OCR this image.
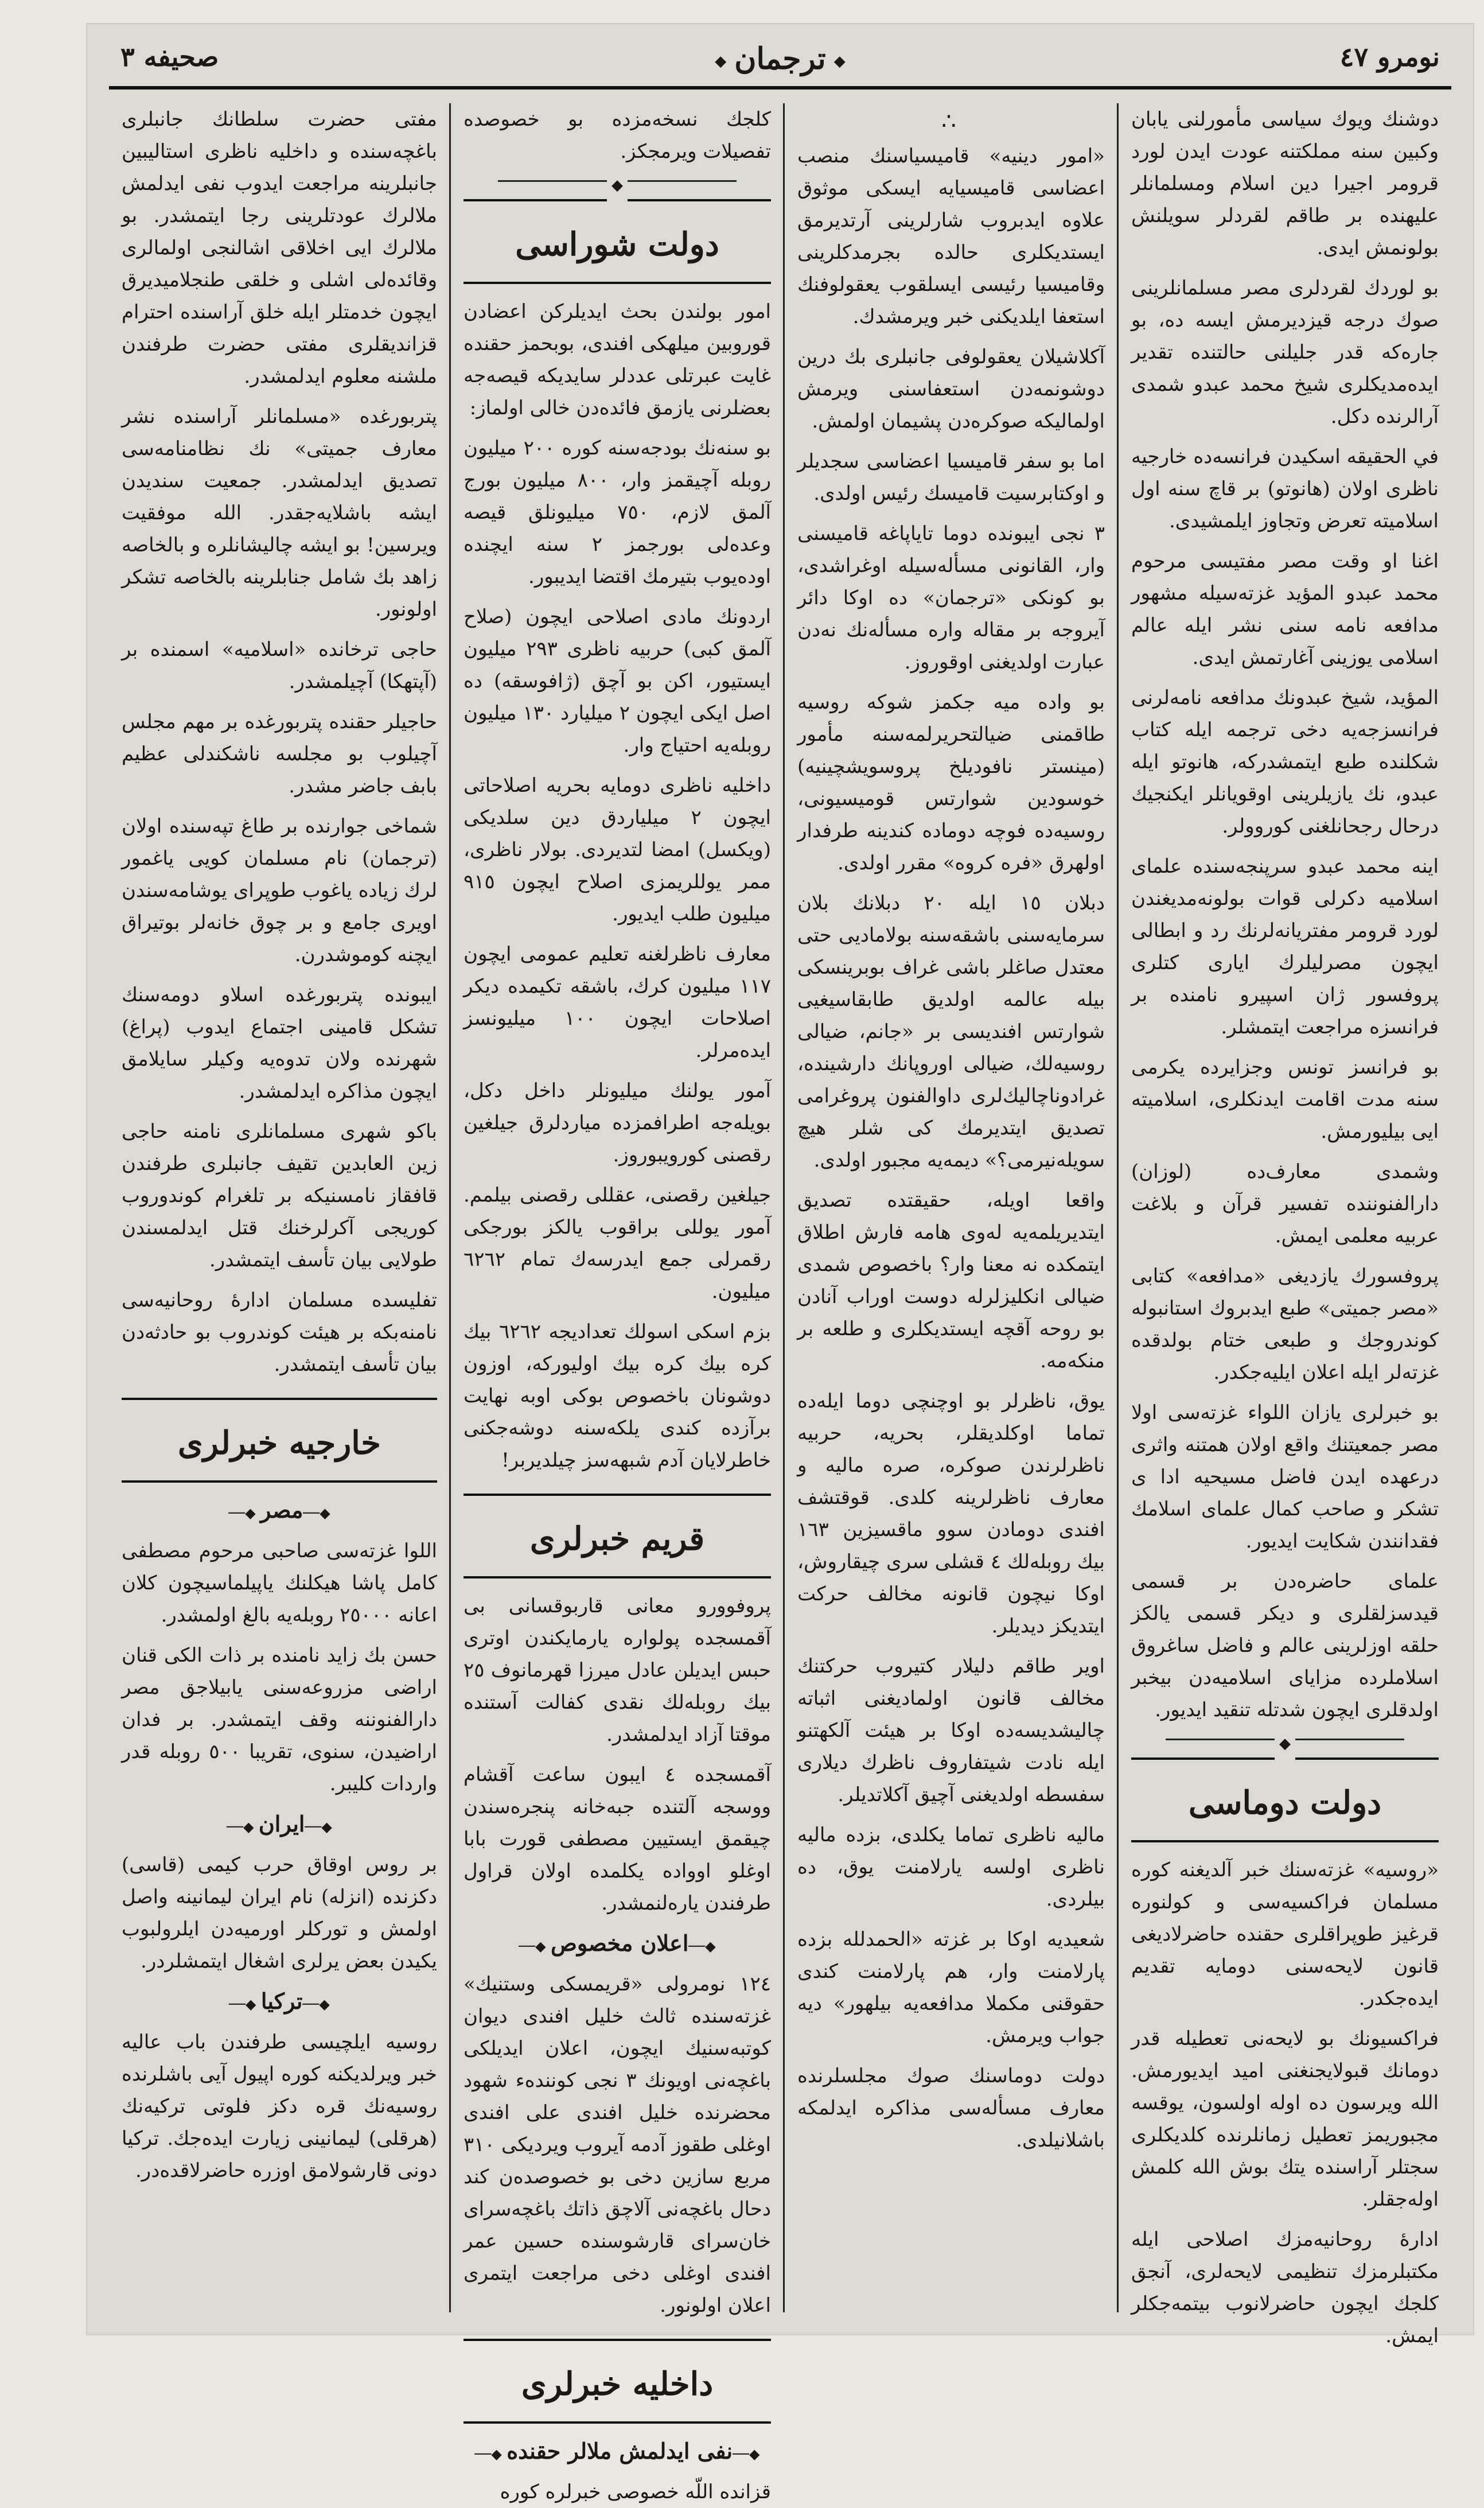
صحيفه ٣
◆	ترجمان ◆	نومرو ٤٧

دوشنك ويوك سياسى مأمورلنى يابان وكبين سنه مملكتنه عودت ايدن لورد قرومر اجيرا دين اسلام ومسلمانلر عليهنده بر طاقم لقردلر سويلنش بولونمش ايدى.

بو لوردك لقردلرى مصر مسلمانلرينى صوك درجه قيزديرمش ايسه ده، بو جاره‌كه قدر جليلنى حالتنده تقدير ايده‌مديكلرى شيخ محمد عبدو شمدى آرالرنده دكل.

في الحقيقه اسكيدن فرانسه‌ده خارجيه ناظرى اولان (هانوتو) بر قاچ سنه اول اسلاميته تعرض وتجاوز ايلمشيدى.

اغنا او وقت مصر مفتيسى مرحوم محمد عبدو المؤيد غزته‌سيله مشهور مدافعه نامه سنى نشر ايله عالم اسلامى يوزينى آغارتمش ايدى.

المؤيد، شيخ عبدونك مدافعه نامه‌لرنى فرانسزجه‌يه دخى ترجمه ايله كتاب شكلنده طبع ايتمشدركه، هانوتو ايله عبدو، نك يازيلرينى اوقويانلر ايكنجيك درحال رجحانلغنى كوروولر.

اينه محمد عبدو سرپنجه‌سنده علماى اسلاميه دكرلى قوات بولونه‌مديغندن لورد قرومر مفتريانه‌لرنك رد و ابطالى ايچون مصرليلرك ايارى كتلرى پروفسور ژان اسپيرو نامنده بر فرانسزه مراجعت ايتمشلر.

بو فرانسز تونس وجزايرده يكرمى سنه مدت اقامت ايدنكلرى، اسلاميته ايى بيليورمش.

وشمدى معارف‌ده (لوزان) دارالفنوننده تفسير قرآن و بلاغت عربيه معلمى ايمش.

پروفسورك يازديغى «مدافعه» كتابى «مصر جميتى» طبع ايدبروك استانبوله كوندروجك و طبعى ختام بولدقده غزته‌لر ايله اعلان ايليه‌جكدر.

بو خبرلرى يازان اللواء غزته‌سى اولا مصر جمعيتنك واقع اولان همتنه واثرى درعهده ايدن فاضل مسيحيه ادا ى تشكر و صاحب كمال علماى اسلامك فقدانندن شكايت ايديور.

علماى حاضره‌دن بر قسمى قيدسزلقلرى و ديكر قسمى يالكز حلقه اوزلرينى عالم و فاضل ساغروق اسلاملرده مزاياى اسلاميه‌دن بيخبر اولدقلرى ايچون شدتله تنقيد ايديور.

◆
دولت دوماسى

«روسيه» غزته‌سنك خبر آلديغنه كوره مسلمان فراكسيه‌سى و كولنوره قرغيز طوپراقلرى حقنده حاضرلاديغى قانون لايحه‌سنى دومايه تقديم ايده‌جكدر.

فراكسيونك بو لايحه‌نى تعطيله قدر دومانك قبولايجنغنى اميد ايديورمش. الله ويرسون ده اوله اولسون، يوقسه مجبوريمز تعطيل زمانلرنده كلديكلرى سجتلر آراسنده يتك بوش الله كلمش اوله‌جقلر.

ادارهٔ روحانيه‌مزك اصلاحى ايله مكتبلرمزك تنظيمى لايحه‌لرى، آنجق كلجك ايچون حاضرلانوب بيتمه‌جكلر ايمش.

∴

«امور دينيه» قاميسياسنك منصب اعضاسى قاميسيايه ايسكى موثوق علاوه ايدبروب شارلرينى آرتديرمق ايستديكلرى حالده بجرمدكلرينى وقاميسيا رئيسى ايسلقوب يعقولوفنك استعفا ايلديكنى خبر ويرمشدك.

آكلاشيلان يعقولوفى جانبلرى بك درين دوشونمه‌دن استعفاسنى ويرمش اولماليكه صوكره‌دن پشيمان اولمش.

اما بو سفر قاميسيا اعضاسى سجديلر و اوكتابرسيت قاميسك رئيس اولدى.

٣ نجى ايبونده دوما تاياپاغه قاميسنى وار، القانونى مسأله‌سيله اوغراشدى، بو كونكى «ترجمان» ده اوكا دائر آيروجه بر مقاله واره مسأله‌نك نه‌دن عبارت اولديغنى اوقوروز.

بو واده ميه جكمز شوكه روسيه طاقمنى ضيالتحريرلمه‌سنه مأمور (مينستر نافوديلخ پروسويشچينيه) خوسودين شوارتس قوميسيونى، روسيه‌ده فوچه دوماده كندينه طرفدار اولهرق «فره كروه» مقرر اولدى.

دبلان ١٥ ايله ٢٠ دبلانك بلان سرمايه‌سنى باشقه‌سنه بولاماديى حتى معتدل صاغلر باشى غراف بوبرينسكى بيله عالمه اولديق طابقاسيغيى شوارتس افنديسى بر «جانم، ضيالى روسيه‌لك، ضيالى اوروپانك دارشينده، غرادوناچاليك‌لرى داوالفنون پروغرامى تصديق ايتديرمك كى شلر هيچ سويله‌نيرمى؟» ديمه‌يه مجبور اولدى.

واقعا اويله، حقيقتده تصديق ايتديريلمه‌يه له‌وى هامه فارش اطلاق ايتمكده نه معنا وار؟ باخصوص شمدى ضيالى انكليزلرله دوست اوراب آنادن بو روحه آقچه ايستديكلرى و طلعه بر منكه‌مه.

يوق، ناظرلر بو اوچنچى دوما ايله‌ده تماما اوكلديقلر، بحريه، حربيه ناظرلرندن صوكره، صره ماليه و معارف ناظرلرينه كلدى. قوقتشف افندى دومادن سوو ماقسيزين ١٦٣ بيك روبلەلك ٤ قشلى سرى چيقاروش، اوكا نيچون قانونه مخالف حركت ايتديكز ديديلر.

اوير طاقم دليلار كتيروب حركتنك مخالف قانون اولماديغنى اثباته چاليشديسه‌ده اوكا بر هيئت آلكهتنو ايله نادت شيتفاروف ناظرك ديلارى سفسطه اولديغنى آچيق آكلاتديلر.

ماليه ناظرى تماما يكلدى، بزده ماليه ناظرى اولسه يارلامنت يوق، ده بيلردى.

شعيديه اوكا بر غزته «الحمدلله بزده پارلامنت وار، هم پارلامنت كندى حقوقنى مكملا مدافعه‌يه بيلهور» ديه جواب ويرمش.

دولت دوماسنك صوك مجلسلرنده معارف مسأله‌سى مذاكره ايدلمكه باشلانيلدى.

كلجك نسخه‌مزده بو خصوصده تفصيلات ويرمجكز.

◆
دولت شوراسى

امور بولندن بحث ايديلركن اعضادن قوروبين ميلهكى افندى، بوبحمز حقنده غايت عبرتلى عددلر سايديكه قيصه‌جه بعضلرنى يازمق فائده‌دن خالى اولماز:

بو سنه‌نك بودجه‌سنه كوره ٢٠٠ ميليون روبله آچيقمز وار، ٨٠٠ ميليون بورج آلمق لازم، ٧٥٠ ميليونلق قيصه وعده‌لى بورجمز ٢ سنه ايچنده اوده‌يوب بتيرمك اقتضا ايديبور.

اردونك مادى اصلاحى ايچون (صلاح آلمق كبى) حربيه ناظرى ٢٩٣ ميليون ايستيور، اكن بو آچق (ژافوسقه) ده اصل ايكى ايچون ٢ ميليارد ١٣٠ ميليون روبله‌يه احتياج وار.

داخليه ناظرى دومايه بحريه اصلاحاتى ايچون ٢ ميلياردق دين سلديكى (ويكسل) امضا لتديردى. بولار ناظرى، ممر يوللريمزى اصلاح ايچون ٩١٥ ميليون طلب ايديور.

معارف ناظرلغنه تعليم عمومى ايچون ١١٧ ميليون كرك، باشقه تكيمده ديكر اصلاحات ايچون ١٠٠ ميليونسز ايده‌مرلر.

آمور يولنك ميليونلر داخل دكل، بويله‌جه اطرافمزده مياردلرق جيلغين رقصنى كورويبوروز.

جيلغين رقصنى، عقللى رقصنى بيلمم. آمور يوللى براقوب يالكز بورجكى رقمرلى جمع ايدرسه‌ك تمام ٦٢٦٢ ميليون.

بزم اسكى اسولك تعداديجه ٦٢٦٢ بيك كره بيك كره بيك اوليورکه، اوزون دوشونان باخصوص بوكى اوبه نهايت برآزده كندى يلكه‌سنه دوشه‌جكنى خاطرلايان آدم شبهه‌سز چيلديربر!

قريم خبرلرى

پروفوورو معانى قاربوقسانى بى آقمسجده پولواره يارمايكندن اوترى حبس ايديلن عادل ميرزا قهرمانوف ٢٥ بيك روبله‌لك نقدى كفالت آستنده موقتا آزاد ايدلمشدر.

آقمسجده ٤ ايبون ساعت آقشام ووسجه آلتنده جبه‌خانه پنجره‌سندن چيقمق ايستيين مصطفى قورت بابا اوغلو اوواده يكلمده اولان قراول طرفندن ياره‌لنمشدر.

◆── اعلان مخصوص ◆──

١٢٤ نومرولى «قريمسكى وستنيك» غزته‌سنده ثالث خليل افندى ديوان كوتبه‌سنيك ايچون، اعلان ايديلكى باغچه‌نى اويونك ٣ نجى كونندهء شهود محضرنده خليل افندى على افندى اوغلى طقوز آدمه آيروب ويرديكى ٣١٠ مربع سازين دخى بو خصوصده‌ن كند دحال باغچه‌نى آلاچق ذاتك باغچه‌سراى خان‌سراى قارشوسنده حسين عمر افندى اوغلى دخى مراجعت ايتمرى اعلان اولونور.

داخليه خبرلرى
◆── نفى ايدلمش ملالر حقنده ◆──

قزانده اللّه خصوصى خبرلره كوره

مفتى حضرت سلطانك جانبلرى باغچه‌سنده و داخليه ناظرى استاليبين جانبلرينه مراجعت ايدوب نفى ايدلمش ملالرك عودتلرينى رجا ايتمشدر. بو ملالرك ايى اخلاقى اشالنجى اولمالرى وقائده‌لى اشلى و خلقى طنجلاميديرق ايچون خدمتلر ايله خلق آراسنده احترام قزانديقلرى مفتى حضرت طرفندن ملشنه معلوم ايدلمشدر.

پتربورغده «مسلمانلر آراسنده نشر معارف جميتى» نك نظامنامه‌سى تصديق ايدلمشدر. جمعيت سنديدن ايشه باشلايه‌جقدر. الله موفقيت ويرسين! بو ايشه چاليشانلره و بالخاصه زاهد بك شامل جنابلرينه بالخاصه تشكر اولونور.

حاجى ترخانده «اسلاميه» اسمنده بر (آپتهكا) آچيلمشدر.

حاجيلر حقنده پتربورغده بر مهم مجلس آچيلوب بو مجلسه ناشكندلى عظيم بابف جاضر مشدر.

شماخى جوارنده بر طاغ تپه‌سنده اولان (ترجمان) نام مسلمان كويى ياغمور لرك زياده ياغوب طوپراى يوشامه‌سندن اويرى جامع و بر چوق خانه‌لر بوتيراق ايچنه كوموشدرن.

ايبونده پتربورغده اسلاو دومه‌سنك تشكل قامينى اجتماع ايدوب (پراغ) شهرنده ولان تدوه‌يه وكيلر سايلامق ايچون مذاكره ايدلمشدر.

باكو شهرى مسلمانلرى نامنه حاجى زين العابدين تقيف جانبلرى طرفندن قافقاز نامسنيكه بر تلغرام كوندوروب كوريجى آكرلرخنك قتل ايدلمسندن طولايى بيان تأسف ايتمشدر.

تفليسده مسلمان ادارهٔ روحانيه‌سى نامنه‌بكه بر هيئت كوندروب بو حادثه‌دن بيان تأسف ايتمشدر.

خارجيه خبرلرى
◆── مصر ◆──

اللوا غزته‌سى صاحبى مرحوم مصطفى كامل پاشا هيكلنك ياپيلماسيچون كلان اعانه ٢٥٠٠٠ روبله‌يه بالغ اولمشدر.

حسن بك زايد نامنده بر ذات الكى قنان اراضى مزروعه‌سنى يابيلاجق مصر دارالفنوننه وقف ايتمشدر. بر فدان اراضيدن، سنوى، تقريبا ٥٠٠ روبله قدر واردات كليبر.

◆── ايران ◆──

بر روس اوقاق حرب كيمى (قاسى) دكزنده (انزله) نام ايران ليمانينه واصل اولمش و توركلر اورميه‌دن ايلرولبوب يكيدن بعض يرلرى اشغال ايتمشلردر.

◆── تركيا ◆──

روسيه ايلچيسى طرفندن باب عاليه خبر ويرلديكنه كوره اپيول آيى باشلرنده روسيه‌نك قره دكز فلوتى تركيه‌نك (هرقلى) ليمانينى زيارت ايده‌جك. تركيا دونى قارشولامق اوزره حاضرلاقده‌در.
